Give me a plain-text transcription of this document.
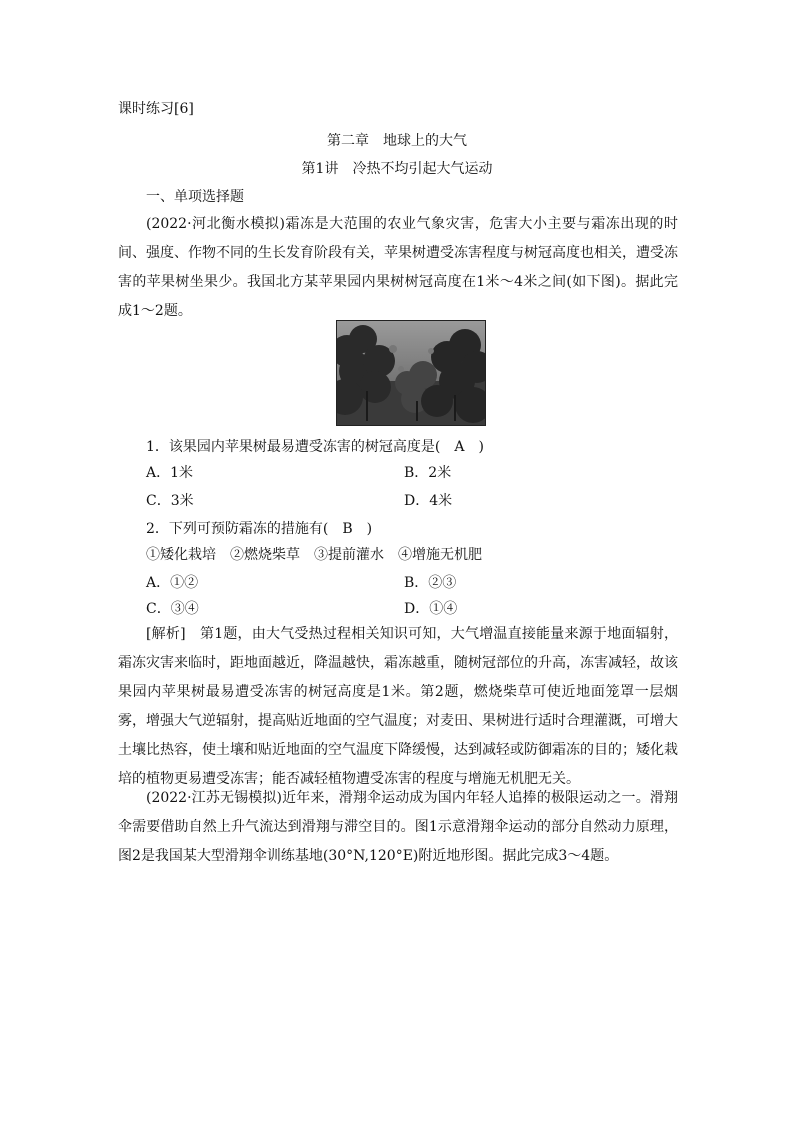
课时练习[6]
第二章　地球上的大气
第1讲　冷热不均引起大气运动
一、单项选择题
(2022·河北衡水模拟)霜冻是大范围的农业气象灾害，危害大小主要与霜冻出现的时间、强度、作物不同的生长发育阶段有关，苹果树遭受冻害程度与树冠高度也相关，遭受冻害的苹果树坐果少。我国北方某苹果园内果树树冠高度在1米～4米之间(如下图)。据此完成1～2题。
1．该果园内苹果树最易遭受冻害的树冠高度是(　A　)
A．1米	B．2米
C．3米	D．4米
2．下列可预防霜冻的措施有(　B　)
①矮化栽培　②燃烧柴草　③提前灌水　④增施无机肥
A．①②	B．②③
C．③④	D．①④
[解析]　第1题，由大气受热过程相关知识可知，大气增温直接能量来源于地面辐射，霜冻灾害来临时，距地面越近，降温越快，霜冻越重，随树冠部位的升高，冻害减轻，故该果园内苹果树最易遭受冻害的树冠高度是1米。第2题，燃烧柴草可使近地面笼罩一层烟雾，增强大气逆辐射，提高贴近地面的空气温度；对麦田、果树进行适时合理灌溉，可增大土壤比热容，使土壤和贴近地面的空气温度下降缓慢，达到减轻或防御霜冻的目的；矮化栽培的植物更易遭受冻害；能否减轻植物遭受冻害的程度与增施无机肥无关。
(2022·江苏无锡模拟)近年来，滑翔伞运动成为国内年轻人追捧的极限运动之一。滑翔伞需要借助自然上升气流达到滑翔与滞空目的。图1示意滑翔伞运动的部分自然动力原理，图2是我国某大型滑翔伞训练基地(30°N,120°E)附近地形图。据此完成3～4题。
